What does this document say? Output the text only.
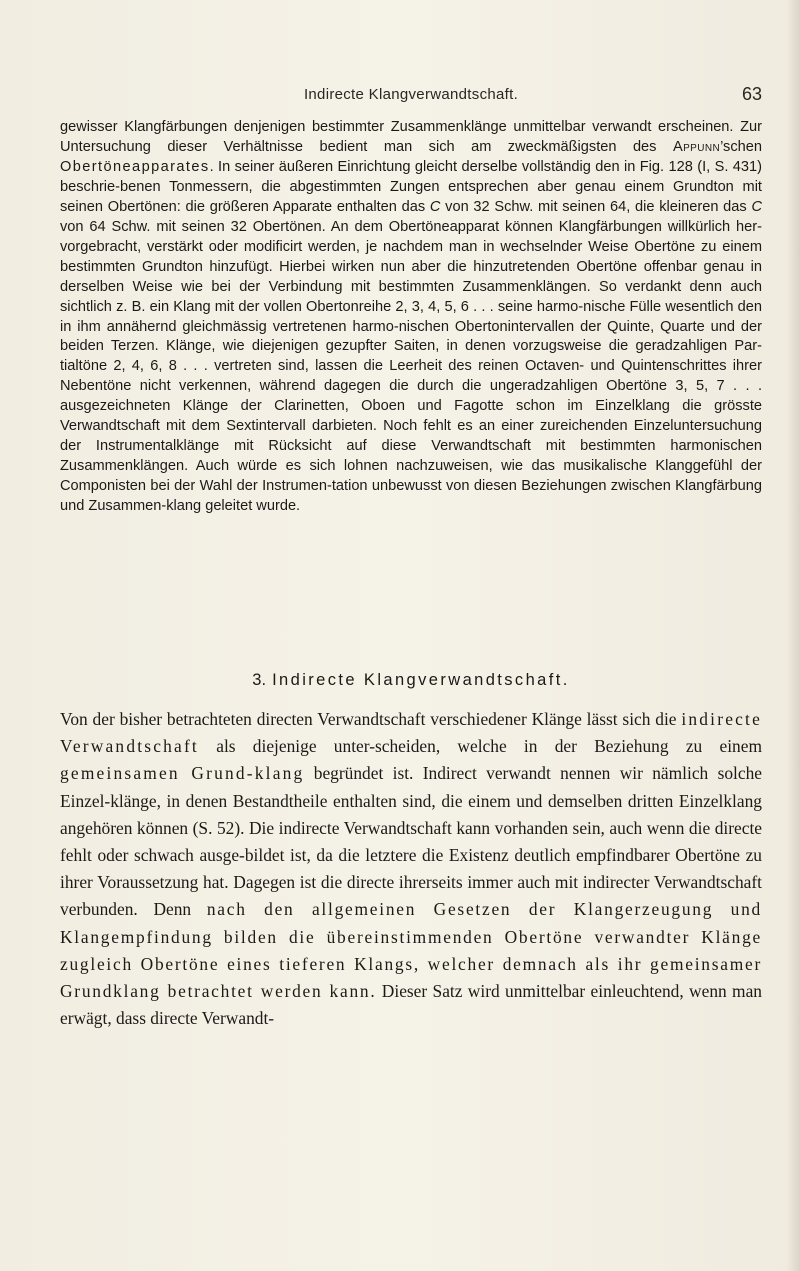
Indirecte Klangverwandtschaft.	63

gewisser Klangfärbungen denjenigen bestimmter Zusammenklänge unmittelbar verwandt erscheinen. Zur Untersuchung dieser Verhältnisse bedient man sich am zweckmäßigsten des Appunn’schen Obertöneapparates. In seiner äußeren Einrichtung gleicht derselbe vollständig den in Fig. 128 (I, S. 431) beschrie-benen Tonmessern, die abgestimmten Zungen entsprechen aber genau einem Grundton mit seinen Obertönen: die größeren Apparate enthalten das C von 32 Schw. mit seinen 64, die kleineren das C von 64 Schw. mit seinen 32 Obertönen. An dem Obertöneapparat können Klangfärbungen willkürlich her-vorgebracht, verstärkt oder modificirt werden, je nachdem man in wechselnder Weise Obertöne zu einem bestimmten Grundton hinzufügt. Hierbei wirken nun aber die hinzutretenden Obertöne offenbar genau in derselben Weise wie bei der Verbindung mit bestimmten Zusammenklängen. So verdankt denn auch sichtlich z. B. ein Klang mit der vollen Obertonreihe 2, 3, 4, 5, 6 . . . seine harmo-nische Fülle wesentlich den in ihm annähernd gleichmässig vertretenen harmo-nischen Obertonintervallen der Quinte, Quarte und der beiden Terzen. Klänge, wie diejenigen gezupfter Saiten, in denen vorzugsweise die geradzahligen Par-tialtöne 2, 4, 6, 8 . . . vertreten sind, lassen die Leerheit des reinen Octaven- und Quintenschrittes ihrer Nebentöne nicht verkennen, während dagegen die durch die ungeradzahligen Obertöne 3, 5, 7 . . . ausgezeichneten Klänge der Clarinetten, Oboen und Fagotte schon im Einzelklang die grösste Verwandtschaft mit dem Sextintervall darbieten. Noch fehlt es an einer zureichenden Einzeluntersuchung der Instrumentalklänge mit Rücksicht auf diese Verwandtschaft mit bestimmten harmonischen Zusammenklängen. Auch würde es sich lohnen nachzuweisen, wie das musikalische Klanggefühl der Componisten bei der Wahl der Instrumen-tation unbewusst von diesen Beziehungen zwischen Klangfärbung und Zusammen-klang geleitet wurde.

3. Indirecte Klangverwandtschaft.

Von der bisher betrachteten directen Verwandtschaft verschiedener Klänge lässt sich die indirecte Verwandtschaft als diejenige unter-scheiden, welche in der Beziehung zu einem gemeinsamen Grund-klang begründet ist. Indirect verwandt nennen wir nämlich solche Einzel-klänge, in denen Bestandtheile enthalten sind, die einem und demselben dritten Einzelklang angehören können (S. 52). Die indirecte Verwandtschaft kann vorhanden sein, auch wenn die directe fehlt oder schwach ausge-bildet ist, da die letztere die Existenz deutlich empfindbarer Obertöne zu ihrer Voraussetzung hat. Dagegen ist die directe ihrerseits immer auch mit indirecter Verwandtschaft verbunden. Denn nach den allgemeinen Gesetzen der Klangerzeugung und Klangempfindung bilden die übereinstimmenden Obertöne verwandter Klänge zugleich Obertöne eines tieferen Klangs, welcher demnach als ihr gemeinsamer Grundklang betrachtet werden kann. Dieser Satz wird unmittelbar einleuchtend, wenn man erwägt, dass directe Verwandt-
